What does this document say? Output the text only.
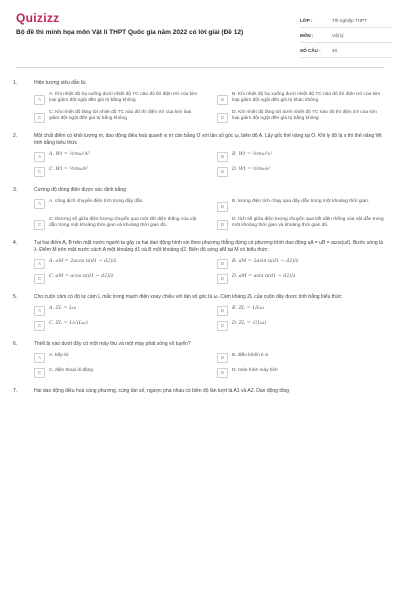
Quizizz
Bộ đề thi minh họa môn Vật lí THPT Quốc gia năm 2022 có lời giải (Đề 12)
LỚP :	Tốt nghiệp THPT
MÔN :	Vật lý
SỐ CÂU :	40
1.	Hiện tượng siêu dẫn là:
A
A. Khi nhiệt độ hạ xuống dưới nhiệt độ TC nào đó thì điện trở của kim loại giảm đột ngột đến giá trị bằng không	B
B. Khi nhiệt độ hạ xuống dưới nhiệt độ TC nào đó thì điện trở của kim loại giảm đột ngột đến giá trị khác không
C
C. Khi nhiệt độ tăng tới nhiệt độ TC nào đó thì điện trở của kim loại giảm đột ngột đến giá trị bằng không	D
D. Khi nhiệt độ tăng tới dưới nhiệt độ TC nào đó thì điện trở của kim loại giảm đột ngột đến giá trị bằng không
2.	Một chất điểm có khối lượng m, dao động điều hoà quanh vị trí cân bằng O với tần số góc ω, biên độ A. Lấy gốc thế năng tại O. Khi ly độ là x thì thế năng Wt tính bằng biểu thức
A	A. Wt = ½mω²A²	B	B. Wt = ½mω²x²
C	C. Wt = ½mωA²	D	D. Wt = ½mωx²
3.	Cường độ dòng điện được xác định bằng
A	A. công dịch chuyển điện tích trong dây dẫn.
B
B. lượng điện tích chạy qua dây dẫn trong một khoảng thời gian.
C
C. thương số giữa điện lượng chuyển qua một tiết diện thẳng của vật dẫn trong một khoảng thời gian và khoảng thời gian đó.	D
D. tích số giữa điện lượng chuyển qua tiết diện thẳng của vật dẫn trong một khoảng thời gian và khoảng thời gian đó.
4.	Tại hai điểm A, B trên mặt nước người ta gây ra hai dao động hình sin theo phương thẳng đứng có phương trình dao động uA = uB = acos(ωt). Bước sóng là λ. Điểm M trên mặt nước cách A một khoảng d1 và B một khoảng d2. Biên độ sóng aM tại M có biểu thức:
A	A. aM = 2acos π(d1 − d2)/λ	B	B. aM = 2asin π(d1 − d2)/λ
C	C. aM = acos π(d1 − d2)/λ	D	D. aM = asin π(d1 − d2)/λ
5.	Cho cuộn cảm có độ tự cảm L mắc trong mạch điện xoay chiều với tần số góc là ω. Cảm kháng ZL của cuộn dây được tính bằng biểu thức
A	A. ZL = Lω	B	B. ZL = 1/Lω
C	C. ZL = 1/√(Lω)	D	D. ZL = √(Lω)
6.	Thiết bị nào dưới đây có một máy thu và một máy phát sóng vô tuyến?
A	A. bếp từ	B	B. điều khiển ti vi
C	C. điện thoại di động	D	D. màn hình máy tính
7.	Hai dao động điều hoà cùng phương, cùng tần số, ngược pha nhau có biên độ lần lượt là A1 và A2. Dao động tổng
